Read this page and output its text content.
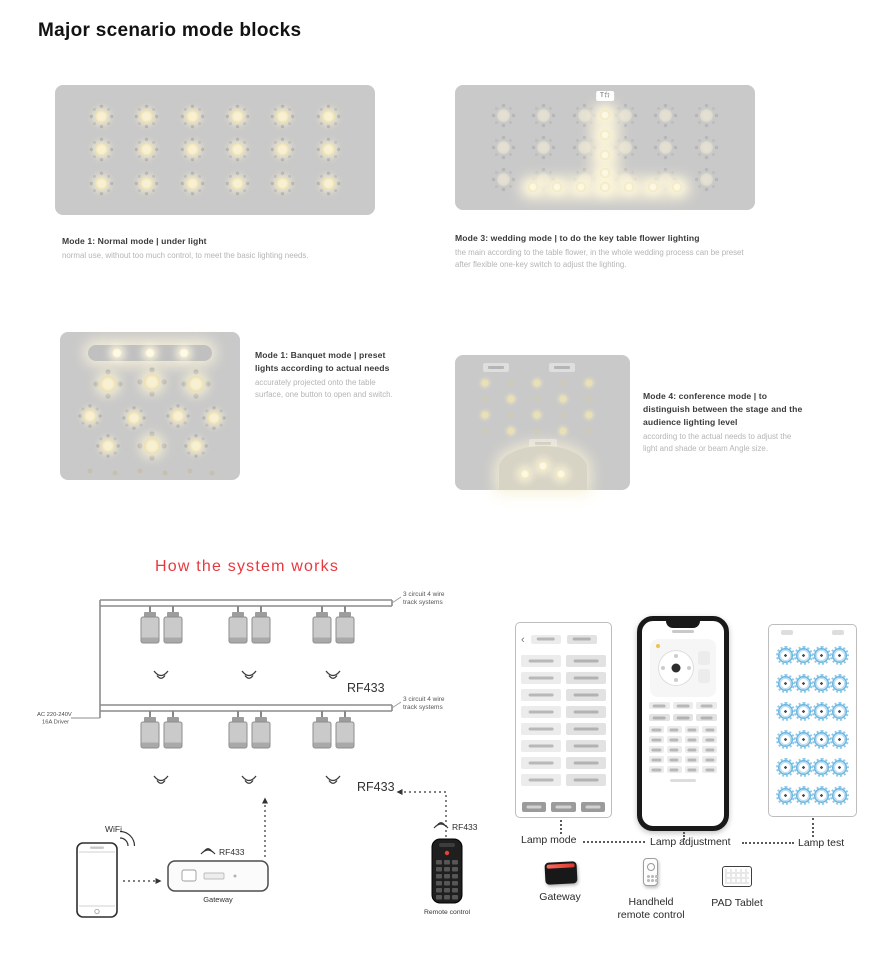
Major scenario mode blocks
Mode 1: Normal mode | under light

normal use, without too much control, to meet the basic lighting needs.

T台
Mode 3: wedding mode | to do the key table flower lighting

the main according to the table flower, in the whole wedding process can be preset after flexible one-key switch to adjust the lighting.

Mode 1: Banquet mode | preset lights according to actual needs

accurately projected onto the table surface, one button to open and switch.	Mode 4: conference mode | to distinguish between the stage and the audience lighting level

according to the actual needs to adjust the light and shade or beam Angle size.

How the system works
3 circuit 4 wire
track systems
3 circuit 4 wire
track systems
AC 220-240V
16A Driver
RF433
RF433
WiFi
RF433
Gateway
RF433
Remote control
‹
Lamp mode	Lamp adjustment	Lamp test
Gateway	Handheld
remote control
PAD Tablet
